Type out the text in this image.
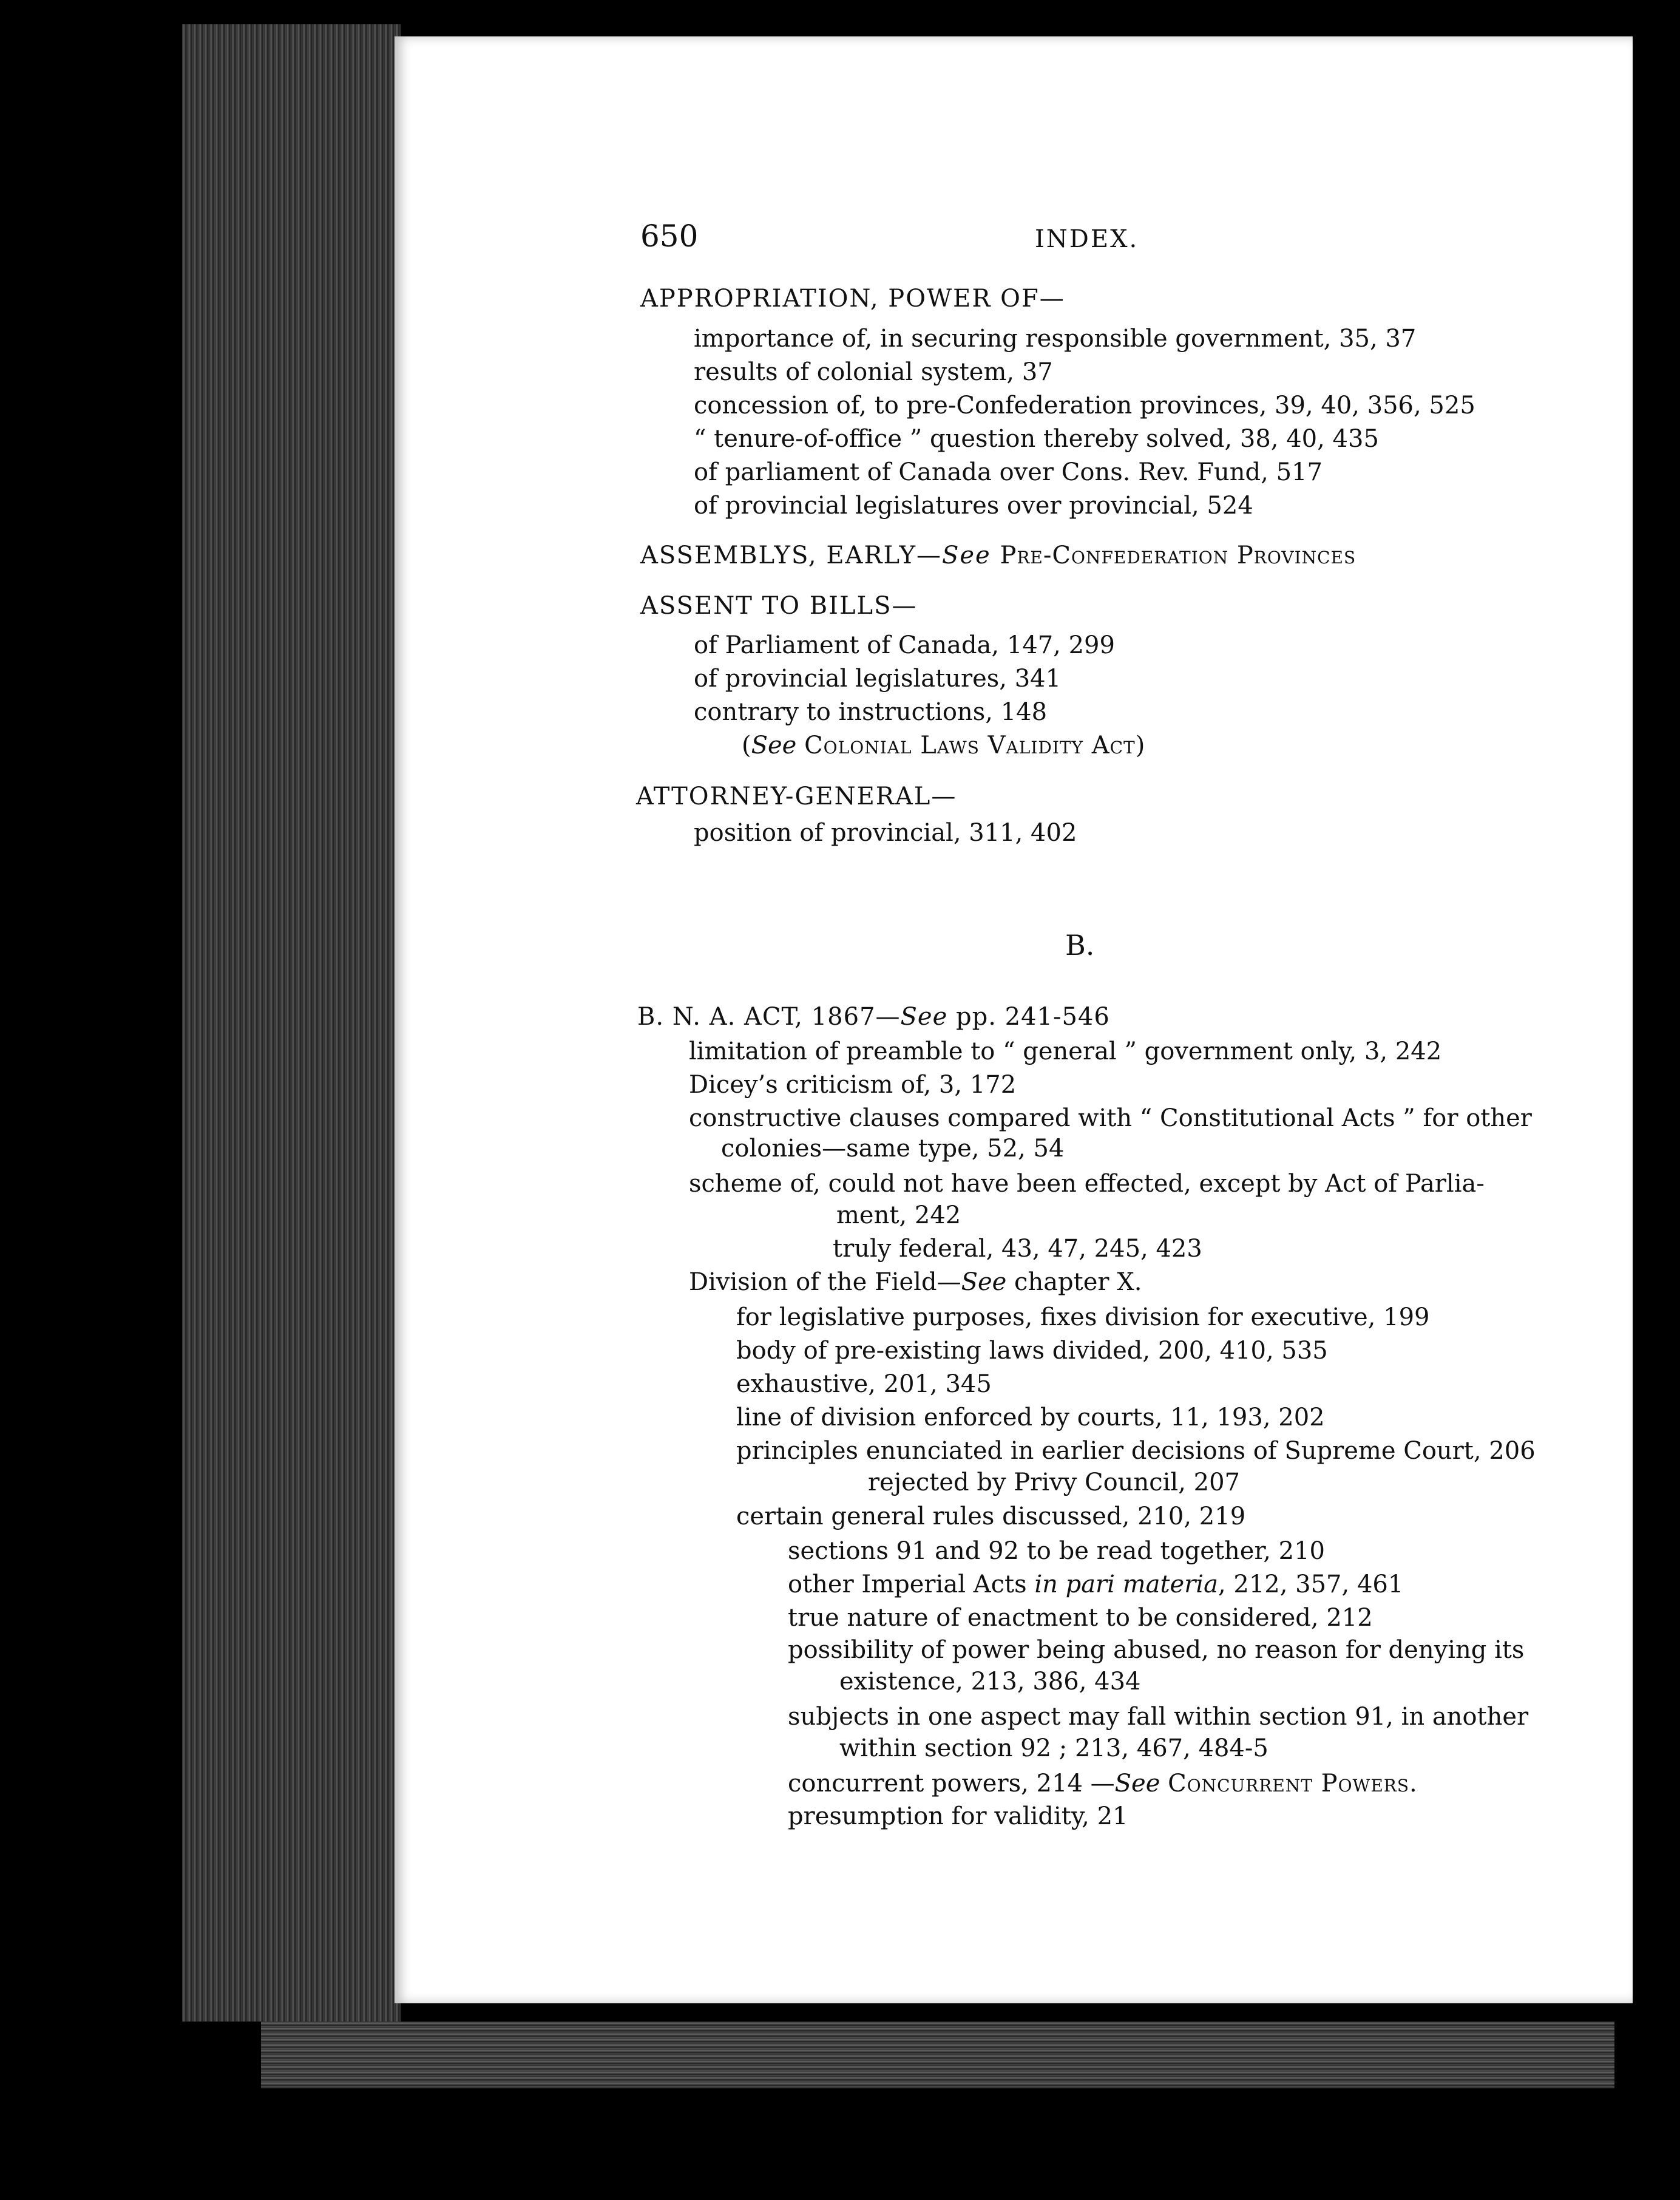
650	INDEX.
APPROPRIATION, POWER OF—
importance of, in securing responsible government, 35, 37
results of colonial system, 37
concession of, to pre-Confederation provinces, 39, 40, 356, 525
“ tenure-of-office ” question thereby solved, 38, 40, 435
of parliament of Canada over Cons. Rev. Fund, 517
of provincial legislatures over provincial, 524
ASSEMBLYS, EARLY—See Pre-Confederation Provinces
ASSENT TO BILLS—
of Parliament of Canada, 147, 299
of provincial legislatures, 341
contrary to instructions, 148
(See Colonial Laws Validity Act)
ATTORNEY-GENERAL—
position of provincial, 311, 402
B.
B. N. A. ACT, 1867—See pp. 241-546
limitation of preamble to “ general ” government only, 3, 242
Dicey’s criticism of, 3, 172
constructive clauses compared with “ Constitutional Acts ” for other
colonies—same type, 52, 54
scheme of, could not have been effected, except by Act of Parlia-
ment, 242
truly federal, 43, 47, 245, 423
Division of the Field—See chapter X.
for legislative purposes, fixes division for executive, 199
body of pre-existing laws divided, 200, 410, 535
exhaustive, 201, 345
line of division enforced by courts, 11, 193, 202
principles enunciated in earlier decisions of Supreme Court, 206
rejected by Privy Council, 207
certain general rules discussed, 210, 219
sections 91 and 92 to be read together, 210
other Imperial Acts in pari materia, 212, 357, 461
true nature of enactment to be considered, 212
possibility of power being abused, no reason for denying its
existence, 213, 386, 434
subjects in one aspect may fall within section 91, in another
within section 92 ; 213, 467, 484-5
concurrent powers, 214 —See Concurrent Powers.
presumption for validity, 21
